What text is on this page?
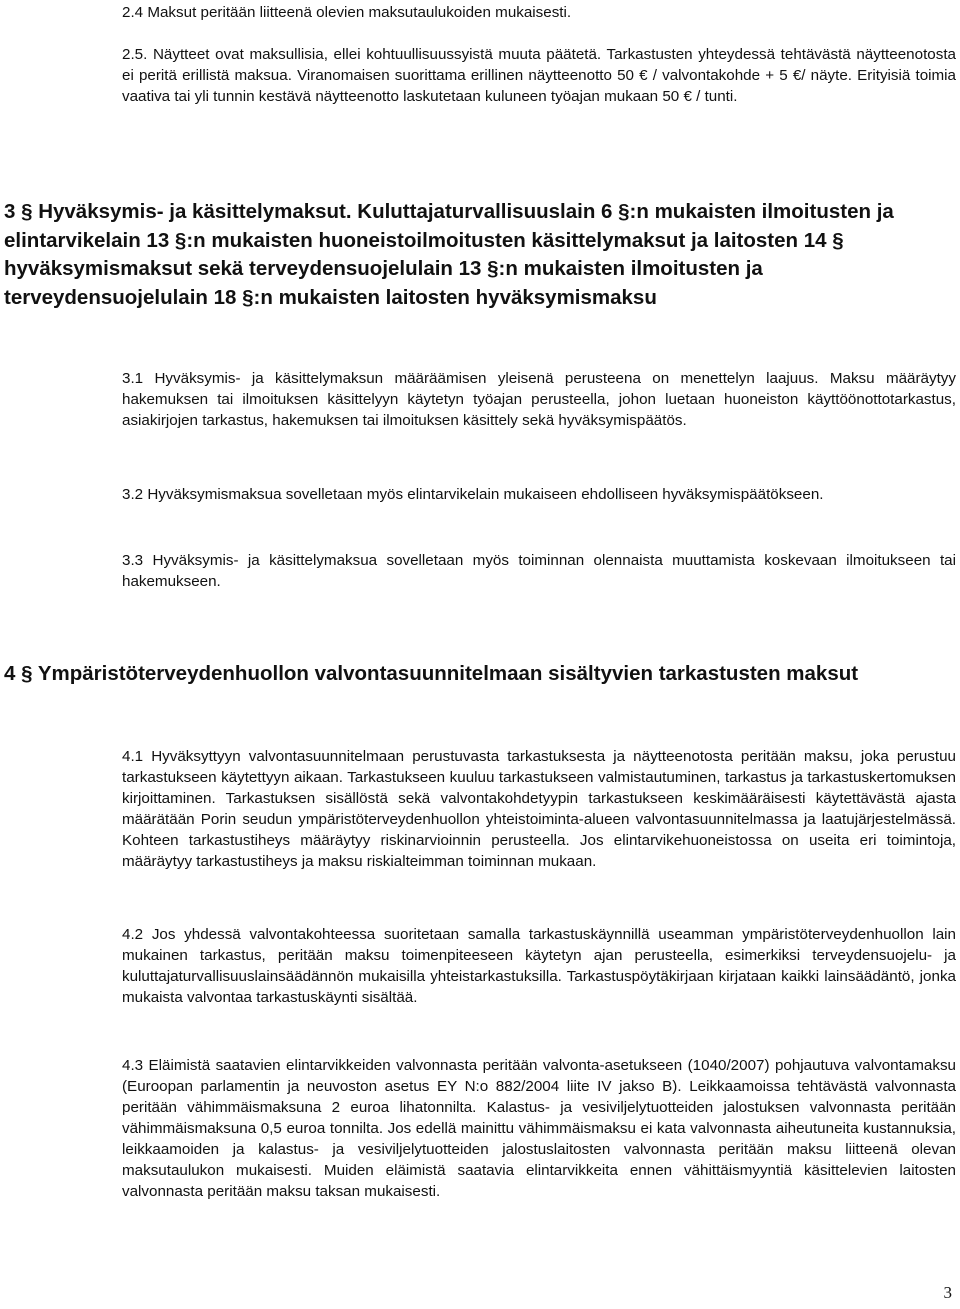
2.4 Maksut peritään liitteenä olevien maksutaulukoiden mukaisesti.

2.5. Näytteet ovat maksullisia, ellei kohtuullisuussyistä muuta päätetä. Tarkastusten yhteydessä tehtävästä näytteenotosta ei peritä erillistä maksua. Viranomaisen suorittama erillinen näytteenotto 50 € / valvontakohde + 5 €/ näyte. Erityisiä toimia vaativa tai yli tunnin kestävä näytteenotto laskutetaan kuluneen työajan mukaan 50 € / tunti.

3 § Hyväksymis- ja käsittelymaksut. Kuluttajaturvallisuuslain 6 §:n mukaisten ilmoitusten ja elintarvikelain 13 §:n mukaisten huoneistoilmoitusten käsittelymaksut ja laitosten 14 § hyväksymismaksut sekä terveydensuojelulain 13 §:n mukaisten ilmoitusten ja terveydensuojelulain 18 §:n mukaisten laitosten hyväksymismaksu

3.1 Hyväksymis- ja käsittelymaksun määräämisen yleisenä perusteena on menettelyn laajuus. Maksu määräytyy hakemuksen tai ilmoituksen käsittelyyn käytetyn työajan perusteella, johon luetaan huoneiston käyttöönottotarkastus, asiakirjojen tarkastus, hakemuksen tai ilmoituksen käsittely sekä hyväksymispäätös.

3.2 Hyväksymismaksua sovelletaan myös elintarvikelain mukaiseen ehdolliseen hyväksymispäätökseen.

3.3 Hyväksymis- ja käsittelymaksua sovelletaan myös toiminnan olennaista muuttamista koskevaan ilmoitukseen tai hakemukseen.

4 § Ympäristöterveydenhuollon valvontasuunnitelmaan sisältyvien tarkastusten maksut

4.1 Hyväksyttyyn valvontasuunnitelmaan perustuvasta tarkastuksesta ja näytteenotosta peritään maksu, joka perustuu tarkastukseen käytettyyn aikaan. Tarkastukseen kuuluu tarkastukseen valmistautuminen, tarkastus ja tarkastuskertomuksen kirjoittaminen. Tarkastuksen sisällöstä sekä valvontakohdetyypin tarkastukseen keskimääräisesti käytettävästä ajasta määrätään Porin seudun ympäristöterveydenhuollon yhteistoiminta-alueen valvontasuunnitelmassa ja laatujärjestelmässä. Kohteen tarkastustiheys määräytyy riskinarvioinnin perusteella. Jos elintarvikehuoneistossa on useita eri toimintoja, määräytyy tarkastustiheys ja maksu riskialteimman toiminnan mukaan.

4.2 Jos yhdessä valvontakohteessa suoritetaan samalla tarkastuskäynnillä useamman ympäristöterveydenhuollon lain mukainen tarkastus, peritään maksu toimenpiteeseen käytetyn ajan perusteella, esimerkiksi terveydensuojelu- ja kuluttajaturvallisuuslainsäädännön mukaisilla yhteistarkastuksilla. Tarkastuspöytäkirjaan kirjataan kaikki lainsäädäntö, jonka mukaista valvontaa tarkastuskäynti sisältää.

4.3 Eläimistä saatavien elintarvikkeiden valvonnasta peritään valvonta-asetukseen (1040/2007) pohjautuva valvontamaksu (Euroopan parlamentin ja neuvoston asetus EY N:o 882/2004 liite IV jakso B). Leikkaamoissa tehtävästä valvonnasta peritään vähimmäismaksuna 2 euroa lihatonnilta. Kalastus- ja vesiviljelytuotteiden jalostuksen valvonnasta peritään vähimmäismaksuna 0,5 euroa tonnilta. Jos edellä mainittu vähimmäismaksu ei kata valvonnasta aiheutuneita kustannuksia, leikkaamoiden ja kalastus- ja vesiviljelytuotteiden jalostuslaitosten valvonnasta peritään maksu liitteenä olevan maksutaulukon mukaisesti. Muiden eläimistä saatavia elintarvikkeita ennen vähittäismyyntiä käsittelevien laitosten valvonnasta peritään maksu taksan mukaisesti.

3
